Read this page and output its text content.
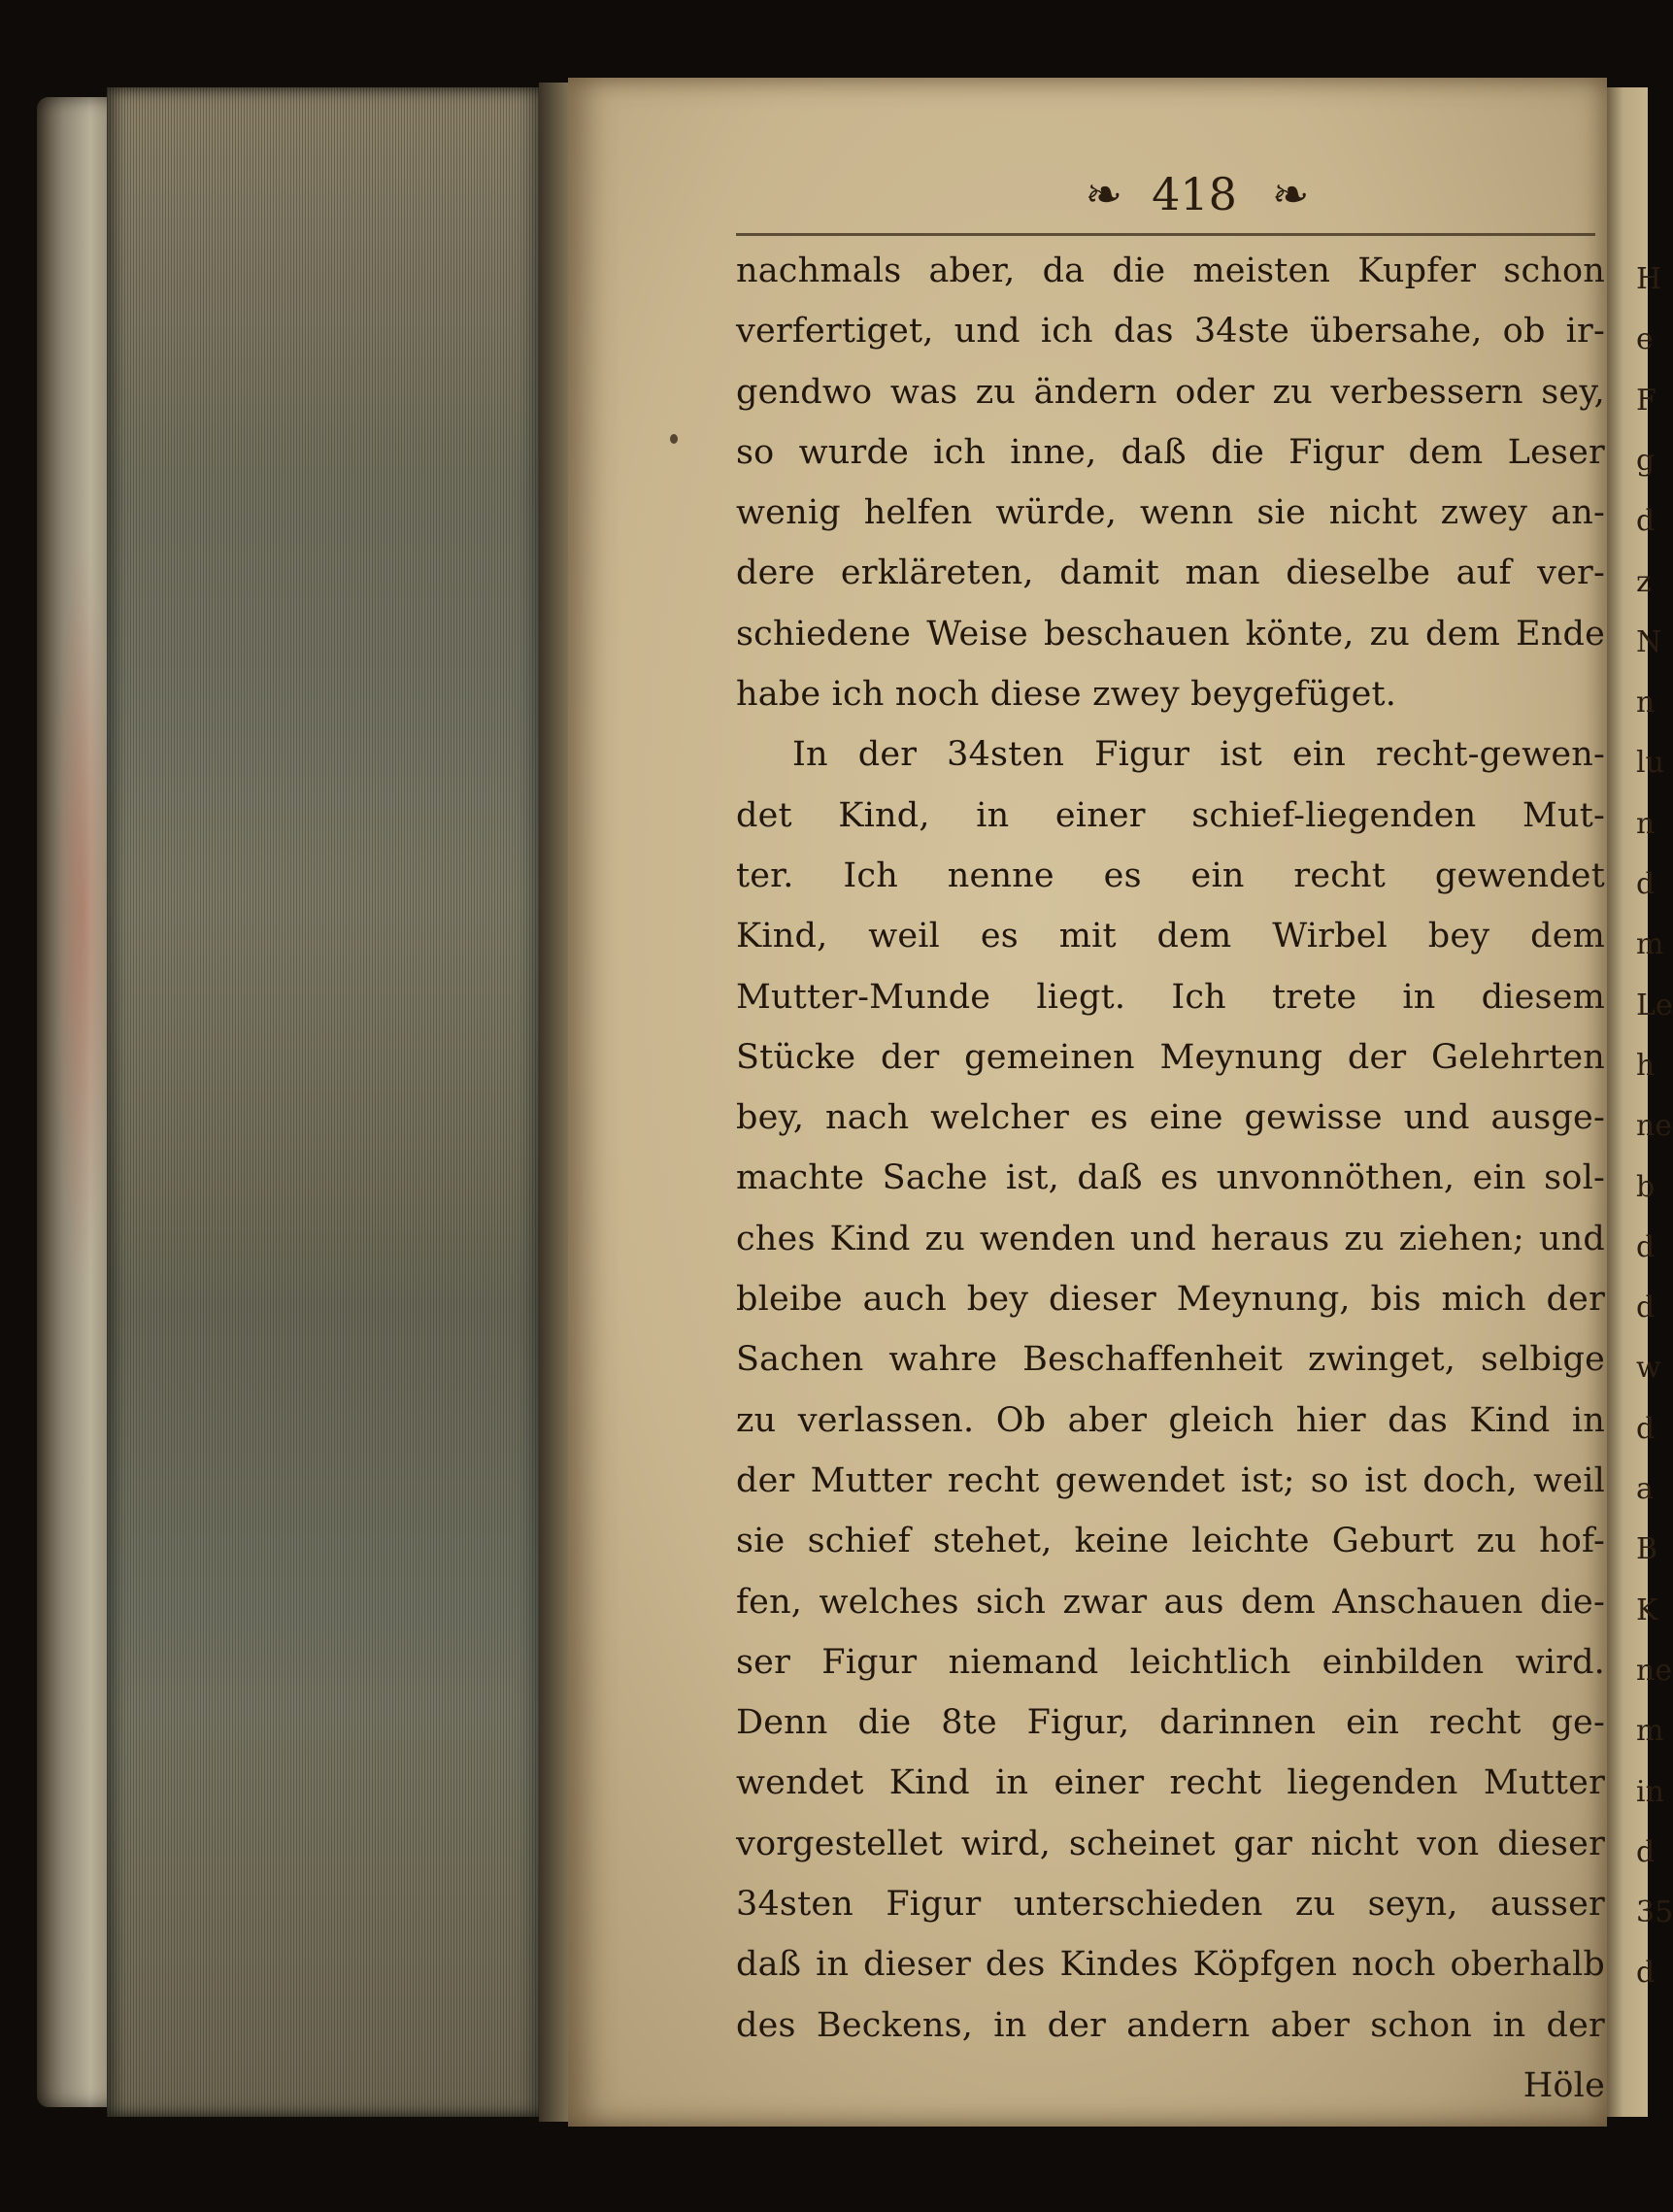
H
e
F
g
d
z
N
n
lu
n
d
m
Le
h
ne
b
d
d
w
d
a
B
K
ne
m
in
d
35
d
❧ 418 ❧
nachmals aber, da die meisten Kupfer schon
verfertiget, und ich das 34ste übersahe, ob ir-
gendwo was zu ändern oder zu verbessern sey,
so wurde ich inne, daß die Figur dem Leser
wenig helfen würde, wenn sie nicht zwey an-
dere erkläreten, damit man dieselbe auf ver-
schiedene Weise beschauen könte, zu dem Ende
habe ich noch diese zwey beygefüget.
In der 34sten Figur ist ein recht-gewen-
det Kind, in einer schief-liegenden Mut-
ter. Ich nenne es ein recht gewendet
Kind, weil es mit dem Wirbel bey dem
Mutter-Munde liegt. Ich trete in diesem
Stücke der gemeinen Meynung der Gelehrten
bey, nach welcher es eine gewisse und ausge-
machte Sache ist, daß es unvonnöthen, ein sol-
ches Kind zu wenden und heraus zu ziehen; und
bleibe auch bey dieser Meynung, bis mich der
Sachen wahre Beschaffenheit zwinget, selbige
zu verlassen. Ob aber gleich hier das Kind in
der Mutter recht gewendet ist; so ist doch, weil
sie schief stehet, keine leichte Geburt zu hof-
fen, welches sich zwar aus dem Anschauen die-
ser Figur niemand leichtlich einbilden wird.
Denn die 8te Figur, darinnen ein recht ge-
wendet Kind in einer recht liegenden Mutter
vorgestellet wird, scheinet gar nicht von dieser
34sten Figur unterschieden zu seyn, ausser
daß in dieser des Kindes Köpfgen noch oberhalb
des Beckens, in der andern aber schon in der
Höle
